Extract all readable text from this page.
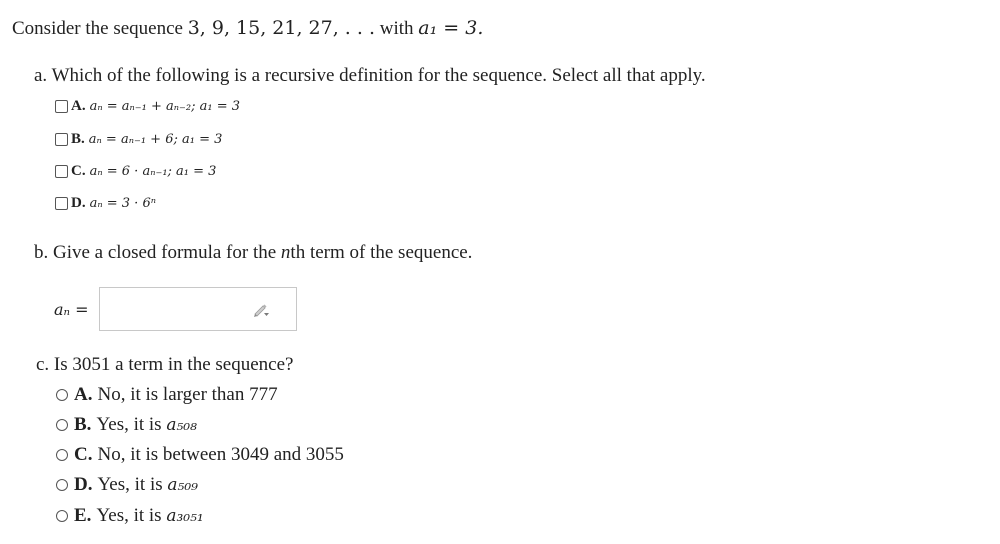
Consider the sequence 3, 9, 15, 21, 27, . . . with a₁ = 3.
a. Which of the following is a recursive definition for the sequence. Select all that apply.
A. aₙ = aₙ₋₁ + aₙ₋₂; a₁ = 3
B. aₙ = aₙ₋₁ + 6; a₁ = 3
C. aₙ = 6 · aₙ₋₁; a₁ = 3
D. aₙ = 3 · 6ⁿ
b. Give a closed formula for the nth term of the sequence.
aₙ =
c. Is 3051 a term in the sequence?
A. No, it is larger than 777
B. Yes, it is
a₅₀₈
C. No, it is between 3049 and 3055
D. Yes, it is
a₅₀₉
E. Yes, it is
a₃₀₅₁
